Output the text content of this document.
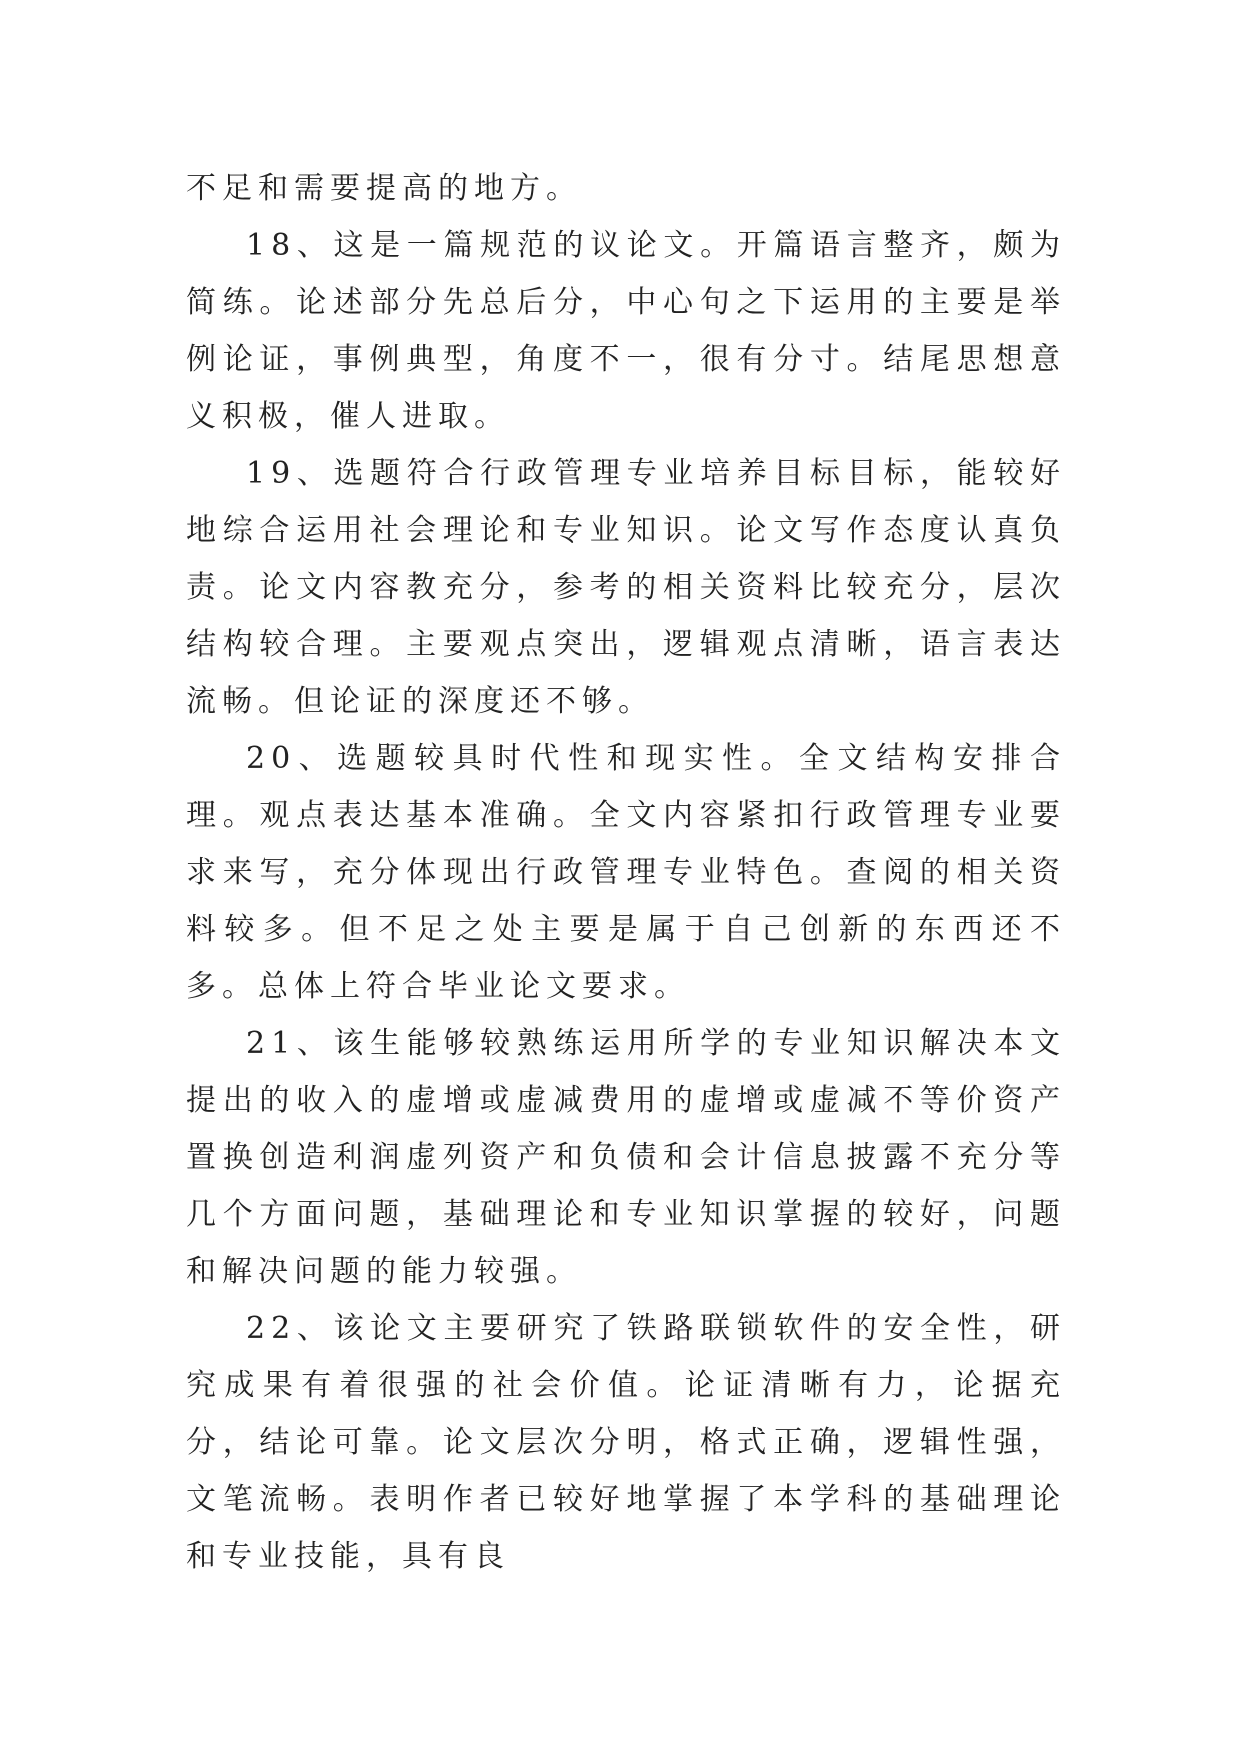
不足和需要提高的地方。

18、这是一篇规范的议论文。开篇语言整齐，颇为简练。论述部分先总后分，中心句之下运用的主要是举例论证，事例典型，角度不一，很有分寸。结尾思想意义积极，催人进取。

19、选题符合行政管理专业培养目标目标，能较好地综合运用社会理论和专业知识。论文写作态度认真负责。论文内容教充分，参考的相关资料比较充分，层次结构较合理。主要观点突出，逻辑观点清晰，语言表达流畅。但论证的深度还不够。

20、选题较具时代性和现实性。全文结构安排合理。观点表达基本准确。全文内容紧扣行政管理专业要求来写，充分体现出行政管理专业特色。查阅的相关资料较多。但不足之处主要是属于自己创新的东西还不多。总体上符合毕业论文要求。

21、该生能够较熟练运用所学的专业知识解决本文提出的收入的虚增或虚减费用的虚增或虚减不等价资产置换创造利润虚列资产和负债和会计信息披露不充分等几个方面问题，基础理论和专业知识掌握的较好，问题和解决问题的能力较强。

22、该论文主要研究了铁路联锁软件的安全性，研究成果有着很强的社会价值。论证清晰有力，论据充分，结论可靠。论文层次分明，格式正确，逻辑性强，文笔流畅。表明作者已较好地掌握了本学科的基础理论和专业技能，具有良
